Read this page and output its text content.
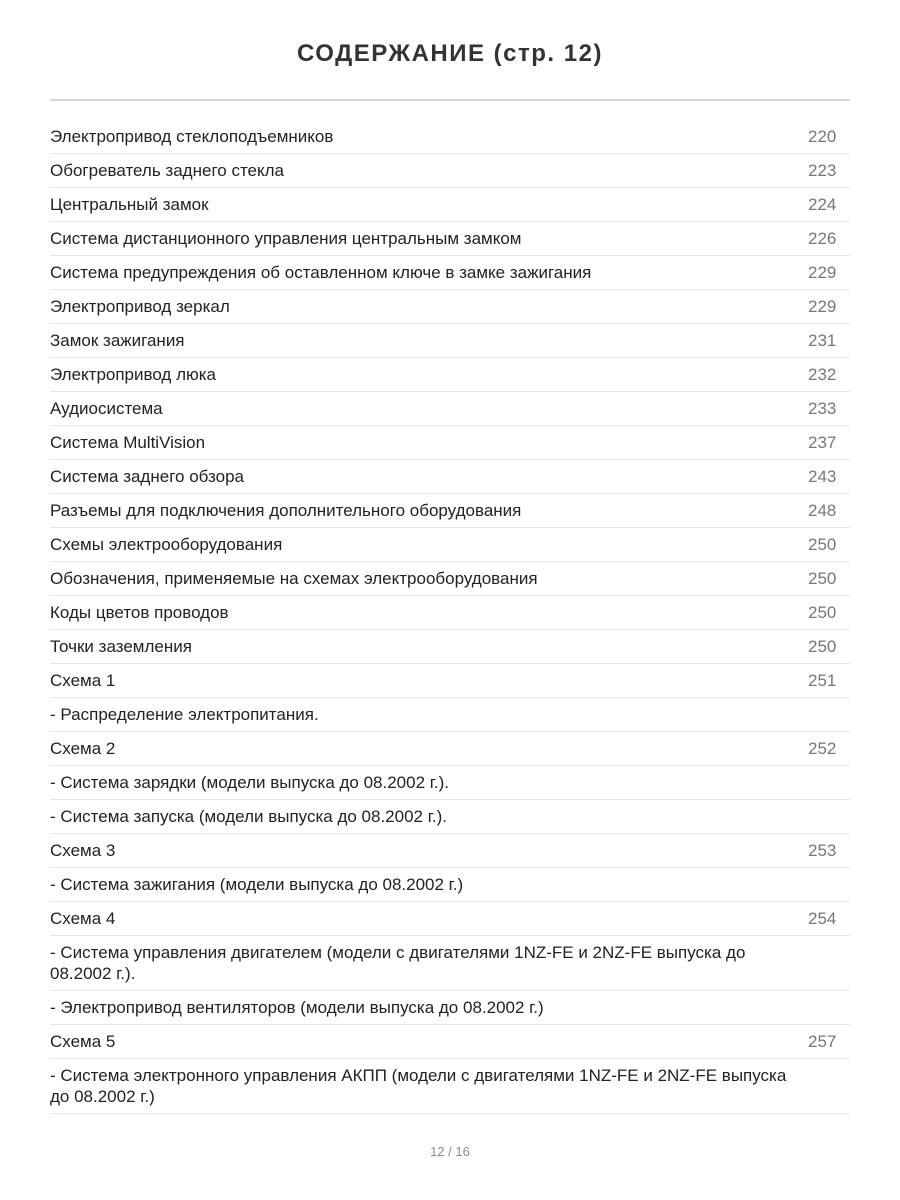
СОДЕРЖАНИЕ (стр. 12)
Электропривод стеклоподъемников	220
Обогреватель заднего стекла	223
Центральный замок	224
Система дистанционного управления центральным замком	226
Система предупреждения об оставленном ключе в замке зажигания	229
Электропривод зеркал	229
Замок зажигания	231
Электропривод люка	232
Аудиосистема	233
Система MultiVision	237
Система заднего обзора	243
Разъемы для подключения дополнительного оборудования	248
Схемы электрооборудования	250
Обозначения, применяемые на схемах электрооборудования	250
Коды цветов проводов	250
Точки заземления	250
Схема 1	251
- Распределение электропитания.
Схема 2	252
- Система зарядки (модели выпуска до 08.2002 г.).
- Система запуска (модели выпуска до 08.2002 г.).
Схема 3	253
- Система зажигания (модели выпуска до 08.2002 г.)
Схема 4	254
- Система управления двигателем (модели с двигателями 1NZ-FE и 2NZ-FE выпуска до 08.2002 г.).
- Электропривод вентиляторов (модели выпуска до 08.2002 г.)
Схема 5	257
- Система электронного управления АКПП (модели с двигателями 1NZ-FE и 2NZ-FE выпуска до 08.2002 г.)
12 / 16
